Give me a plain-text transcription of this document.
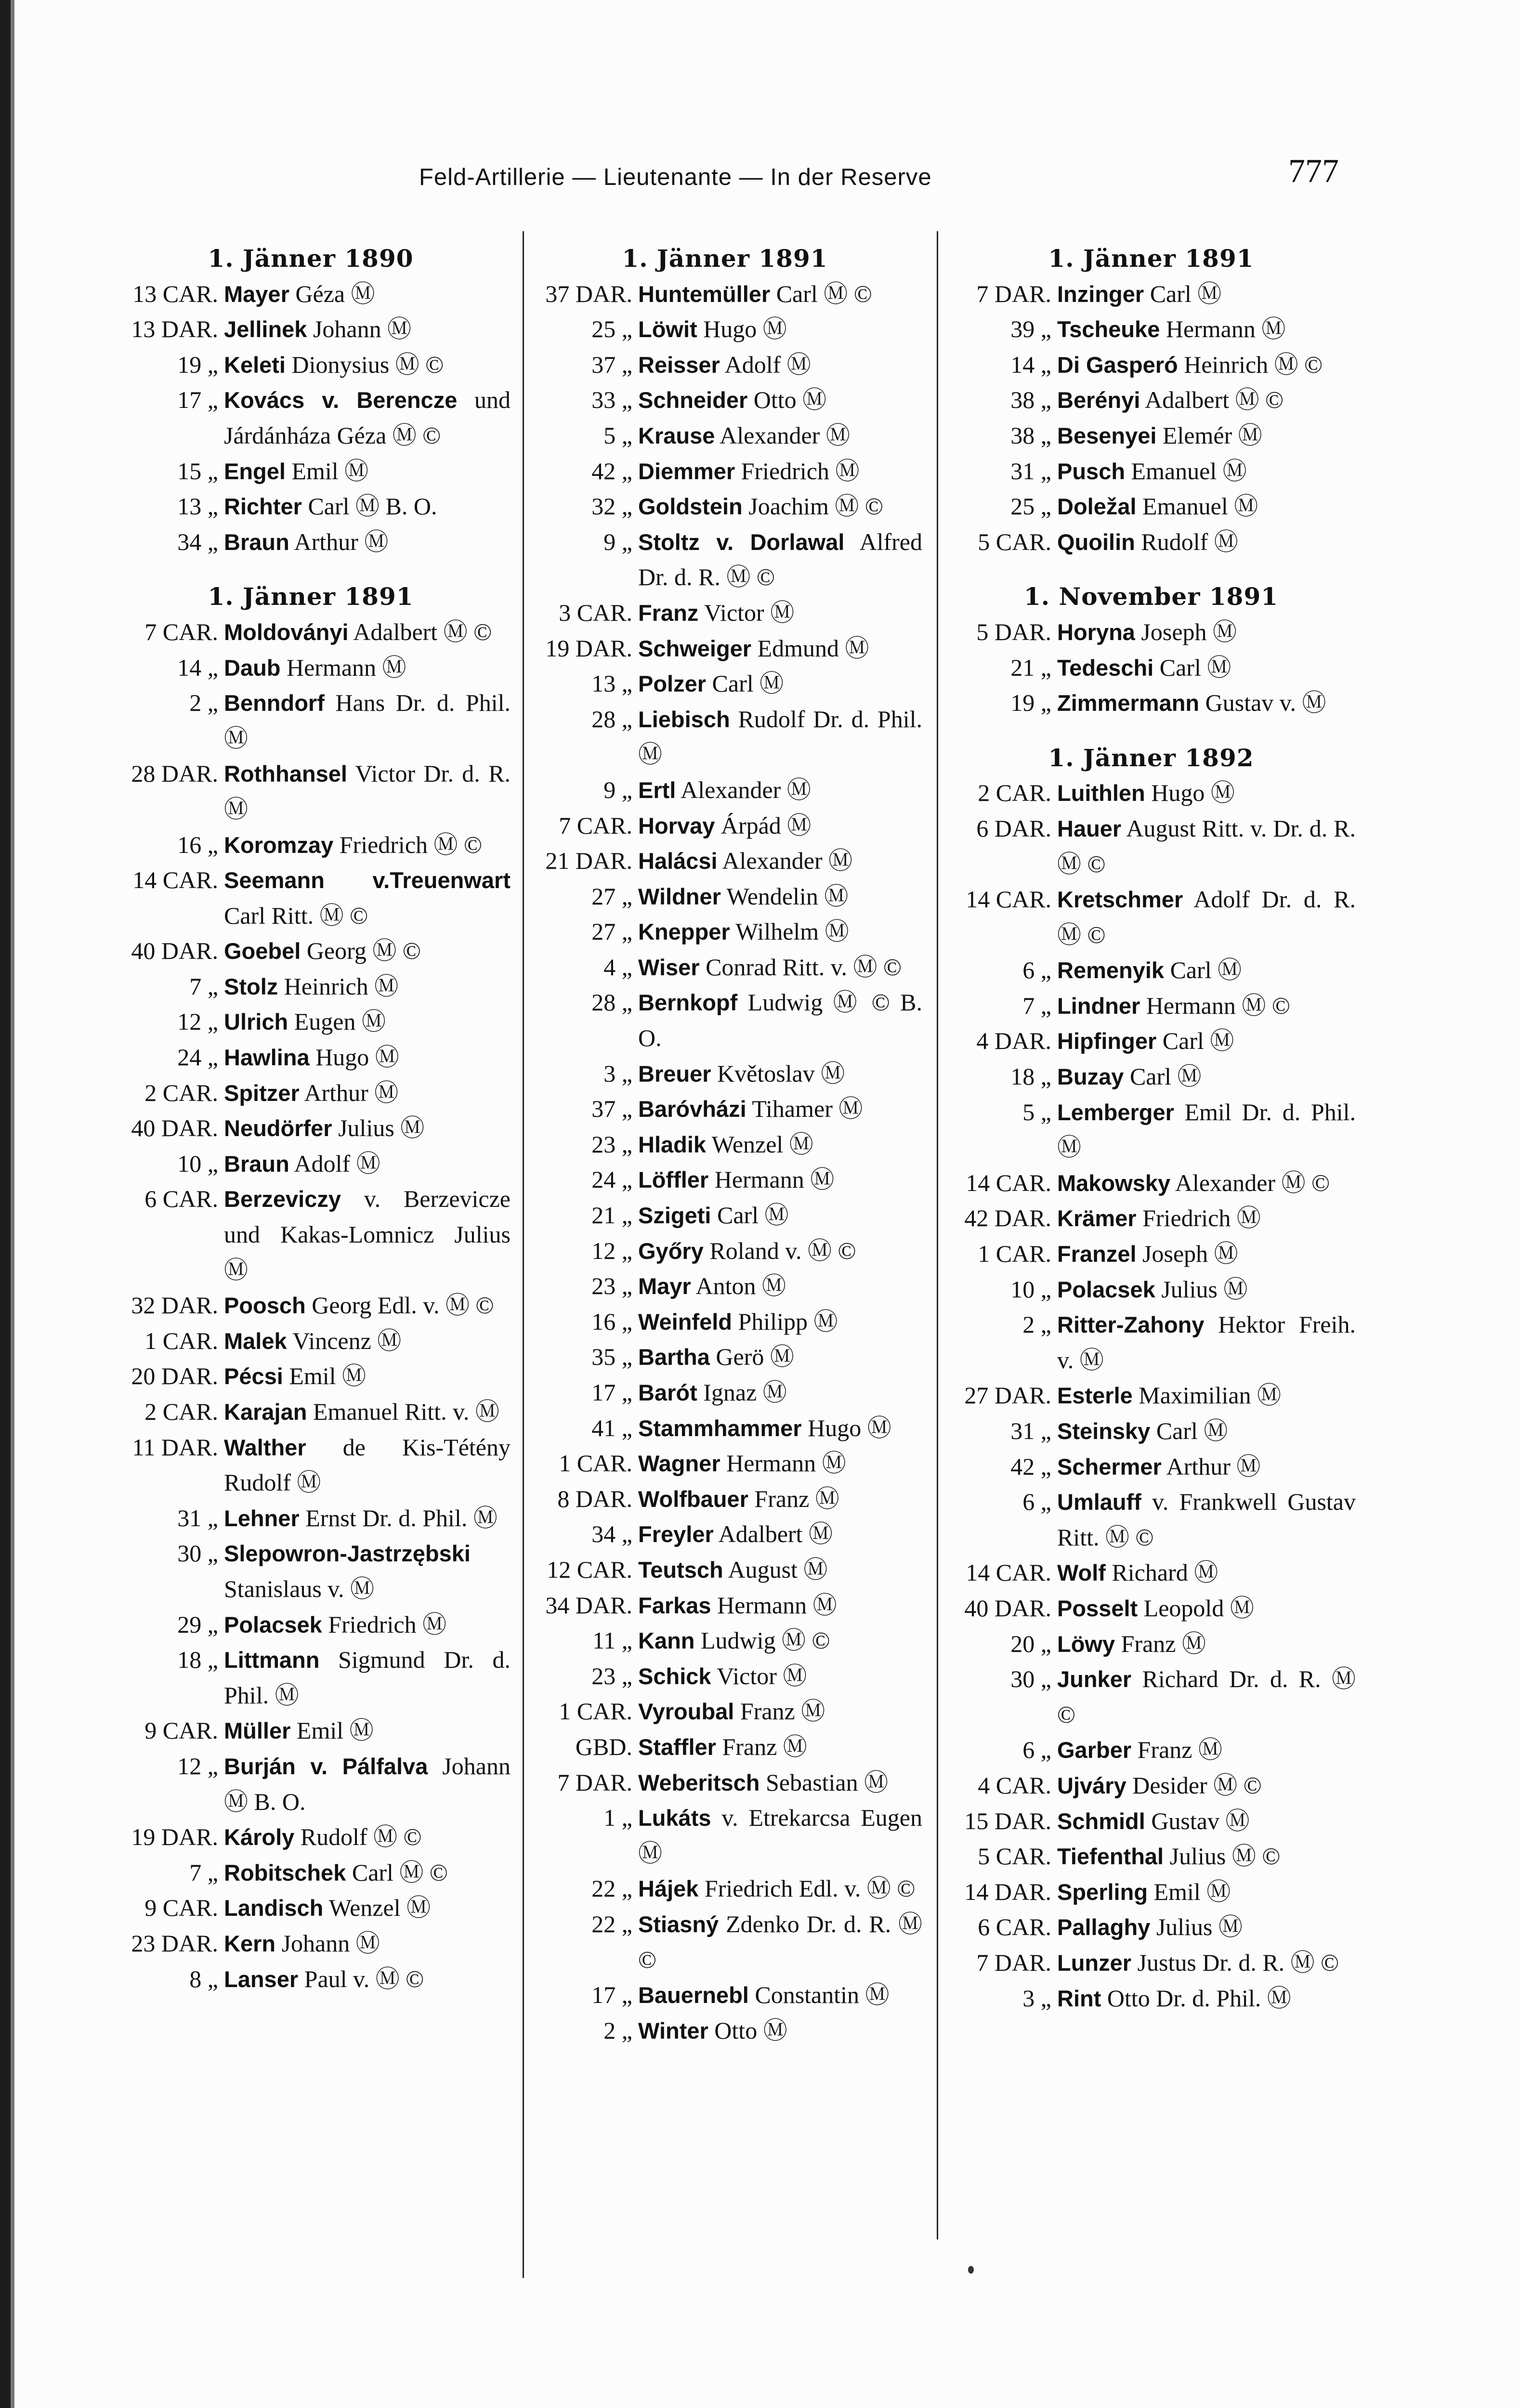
Feld-Artillerie — Lieutenante — In der Reserve	777
1. Jänner 1890
13 CAR. Mayer Géza Ⓜ
13 DAR. Jellinek Johann Ⓜ
19 „ Keleti Dionysius Ⓜ ©
17 „ Kovács v. Berencze und Járdánháza Géza Ⓜ ©
15 „ Engel Emil Ⓜ
13 „ Richter Carl Ⓜ B. O.
34 „ Braun Arthur Ⓜ
1. Jänner 1891
7 CAR. Moldoványi Adalbert Ⓜ ©
14 „ Daub Hermann Ⓜ
2 „ Benndorf Hans Dr. d. Phil. Ⓜ
28 DAR. Rothhansel Victor Dr. d. R. Ⓜ
16 „ Koromzay Friedrich Ⓜ ©
14 CAR. Seemann v.Treuenwart Carl Ritt. Ⓜ ©
40 DAR. Goebel Georg Ⓜ ©
7 „ Stolz Heinrich Ⓜ
12 „ Ulrich Eugen Ⓜ
24 „ Hawlina Hugo Ⓜ
2 CAR. Spitzer Arthur Ⓜ
40 DAR. Neudörfer Julius Ⓜ
10 „ Braun Adolf Ⓜ
6 CAR. Berzeviczy v. Berzevicze und Kakas-Lomnicz Julius Ⓜ
32 DAR. Poosch Georg Edl. v. Ⓜ ©
1 CAR. Malek Vincenz Ⓜ
20 DAR. Pécsi Emil Ⓜ
2 CAR. Karajan Emanuel Ritt. v. Ⓜ
11 DAR. Walther de Kis-Tétény Rudolf Ⓜ
31 „ Lehner Ernst Dr. d. Phil. Ⓜ
30 „ Slepowron-Jastrzębski Stanislaus v. Ⓜ
29 „ Polacsek Friedrich Ⓜ
18 „ Littmann Sigmund Dr. d. Phil. Ⓜ
9 CAR. Müller Emil Ⓜ
12 „ Burján v. Pálfalva Johann Ⓜ B. O.
19 DAR. Károly Rudolf Ⓜ ©
7 „ Robitschek Carl Ⓜ ©
9 CAR. Landisch Wenzel Ⓜ
23 DAR. Kern Johann Ⓜ
8 „ Lanser Paul v. Ⓜ ©
1. Jänner 1891
37 DAR. Huntemüller Carl Ⓜ ©
25 „ Löwit Hugo Ⓜ
37 „ Reisser Adolf Ⓜ
33 „ Schneider Otto Ⓜ
5 „ Krause Alexander Ⓜ
42 „ Diemmer Friedrich Ⓜ
32 „ Goldstein Joachim Ⓜ ©
9 „ Stoltz v. Dorlawal Alfred Dr. d. R. Ⓜ ©
3 CAR. Franz Victor Ⓜ
19 DAR. Schweiger Edmund Ⓜ
13 „ Polzer Carl Ⓜ
28 „ Liebisch Rudolf Dr. d. Phil. Ⓜ
9 „ Ertl Alexander Ⓜ
7 CAR. Horvay Árpád Ⓜ
21 DAR. Halácsi Alexander Ⓜ
27 „ Wildner Wendelin Ⓜ
27 „ Knepper Wilhelm Ⓜ
4 „ Wiser Conrad Ritt. v. Ⓜ ©
28 „ Bernkopf Ludwig Ⓜ © B. O.
3 „ Breuer Květoslav Ⓜ
37 „ Baróvházi Tihamer Ⓜ
23 „ Hladik Wenzel Ⓜ
24 „ Löffler Hermann Ⓜ
21 „ Szigeti Carl Ⓜ
12 „ Győry Roland v. Ⓜ ©
23 „ Mayr Anton Ⓜ
16 „ Weinfeld Philipp Ⓜ
35 „ Bartha Gerö Ⓜ
17 „ Barót Ignaz Ⓜ
41 „ Stammhammer Hugo Ⓜ
1 CAR. Wagner Hermann Ⓜ
8 DAR. Wolfbauer Franz Ⓜ
34 „ Freyler Adalbert Ⓜ
12 CAR. Teutsch August Ⓜ
34 DAR. Farkas Hermann Ⓜ
11 „ Kann Ludwig Ⓜ ©
23 „ Schick Victor Ⓜ
1 CAR. Vyroubal Franz Ⓜ
GBD. Staffler Franz Ⓜ
7 DAR. Weberitsch Sebastian Ⓜ
1 „ Lukáts v. Etrekarcsa Eugen Ⓜ
22 „ Hájek Friedrich Edl. v. Ⓜ ©
22 „ Stiasný Zdenko Dr. d. R. Ⓜ ©
17 „ Bauernebl Constantin Ⓜ
2 „ Winter Otto Ⓜ
1. Jänner 1891
7 DAR. Inzinger Carl Ⓜ
39 „ Tscheuke Hermann Ⓜ
14 „ Di Gasperó Heinrich Ⓜ ©
38 „ Berényi Adalbert Ⓜ ©
38 „ Besenyei Elemér Ⓜ
31 „ Pusch Emanuel Ⓜ
25 „ Doležal Emanuel Ⓜ
5 CAR. Quoilin Rudolf Ⓜ
1. November 1891
5 DAR. Horyna Joseph Ⓜ
21 „ Tedeschi Carl Ⓜ
19 „ Zimmermann Gustav v. Ⓜ
1. Jänner 1892
2 CAR. Luithlen Hugo Ⓜ
6 DAR. Hauer August Ritt. v. Dr. d. R. Ⓜ ©
14 CAR. Kretschmer Adolf Dr. d. R. Ⓜ ©
6 „ Remenyik Carl Ⓜ
7 „ Lindner Hermann Ⓜ ©
4 DAR. Hipfinger Carl Ⓜ
18 „ Buzay Carl Ⓜ
5 „ Lemberger Emil Dr. d. Phil. Ⓜ
14 CAR. Makowsky Alexander Ⓜ ©
42 DAR. Krämer Friedrich Ⓜ
1 CAR. Franzel Joseph Ⓜ
10 „ Polacsek Julius Ⓜ
2 „ Ritter-Zahony Hektor Freih. v. Ⓜ
27 DAR. Esterle Maximilian Ⓜ
31 „ Steinsky Carl Ⓜ
42 „ Schermer Arthur Ⓜ
6 „ Umlauff v. Frankwell Gustav Ritt. Ⓜ ©
14 CAR. Wolf Richard Ⓜ
40 DAR. Posselt Leopold Ⓜ
20 „ Löwy Franz Ⓜ
30 „ Junker Richard Dr. d. R. Ⓜ ©
6 „ Garber Franz Ⓜ
4 CAR. Ujváry Desider Ⓜ ©
15 DAR. Schmidl Gustav Ⓜ
5 CAR. Tiefenthal Julius Ⓜ ©
14 DAR. Sperling Emil Ⓜ
6 CAR. Pallaghy Julius Ⓜ
7 DAR. Lunzer Justus Dr. d. R. Ⓜ ©
3 „ Rint Otto Dr. d. Phil. Ⓜ
